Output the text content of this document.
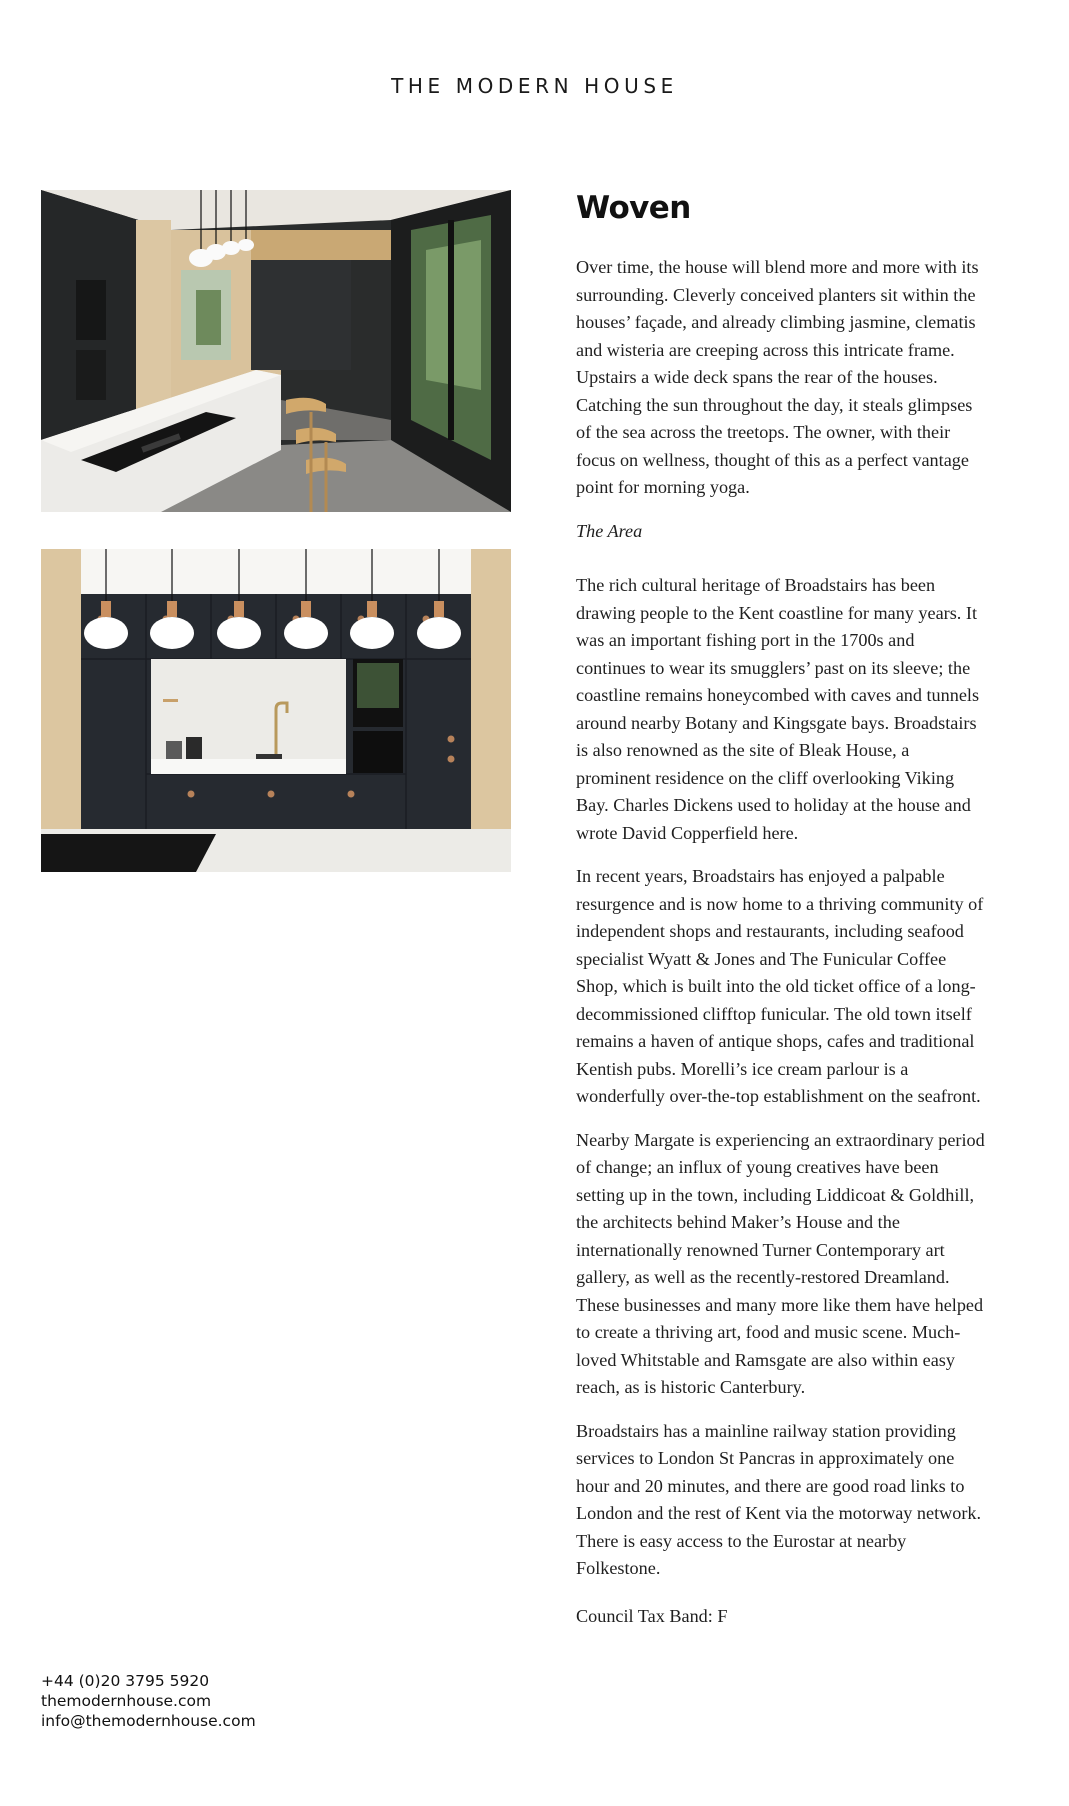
THE MODERN HOUSE
Woven

Over time, the house will blend more and more with its surrounding. Cleverly conceived planters sit within the houses’ façade, and already climbing jasmine, clematis and wisteria are creeping across this intricate frame. Upstairs a wide deck spans the rear of the houses. Catching the sun throughout the day, it steals glimpses of the sea across the treetops. The owner, with their focus on wellness, thought of this as a perfect vantage point for morning yoga.

The Area

The rich cultural heritage of Broadstairs has been drawing people to the Kent coastline for many years. It was an important fishing port in the 1700s and continues to wear its smugglers’ past on its sleeve; the coastline remains honeycombed with caves and tunnels around nearby Botany and Kingsgate bays. Broadstairs is also renowned as the site of Bleak House, a prominent residence on the cliff overlooking Viking Bay. Charles Dickens used to holiday at the house and wrote David Copperfield here.

In recent years, Broadstairs has enjoyed a palpable resurgence and is now home to a thriving community of independent shops and restaurants, including seafood specialist Wyatt & Jones and The Funicular Coffee Shop, which is built into the old ticket office of a long-decommissioned clifftop funicular. The old town itself remains a haven of antique shops, cafes and traditional Kentish pubs. Morelli’s ice cream parlour is a wonderfully over-the-top establishment on the seafront.

Nearby Margate is experiencing an extraordinary period of change; an influx of young creatives have been setting up in the town, including Liddicoat & Goldhill, the architects behind Maker’s House and the internationally renowned Turner Contemporary art gallery, as well as the recently-restored Dreamland. These businesses and many more like them have helped to create a thriving art, food and music scene. Much-loved Whitstable and Ramsgate are also within easy reach, as is historic Canterbury.

Broadstairs has a mainline railway station providing services to London St Pancras in approximately one hour and 20 minutes, and there are good road links to London and the rest of Kent via the motorway network. There is easy access to the Eurostar at nearby Folkestone.

Council Tax Band: F

+44 (0)20 3795 5920
themodernhouse.com
info@themodernhouse.com
